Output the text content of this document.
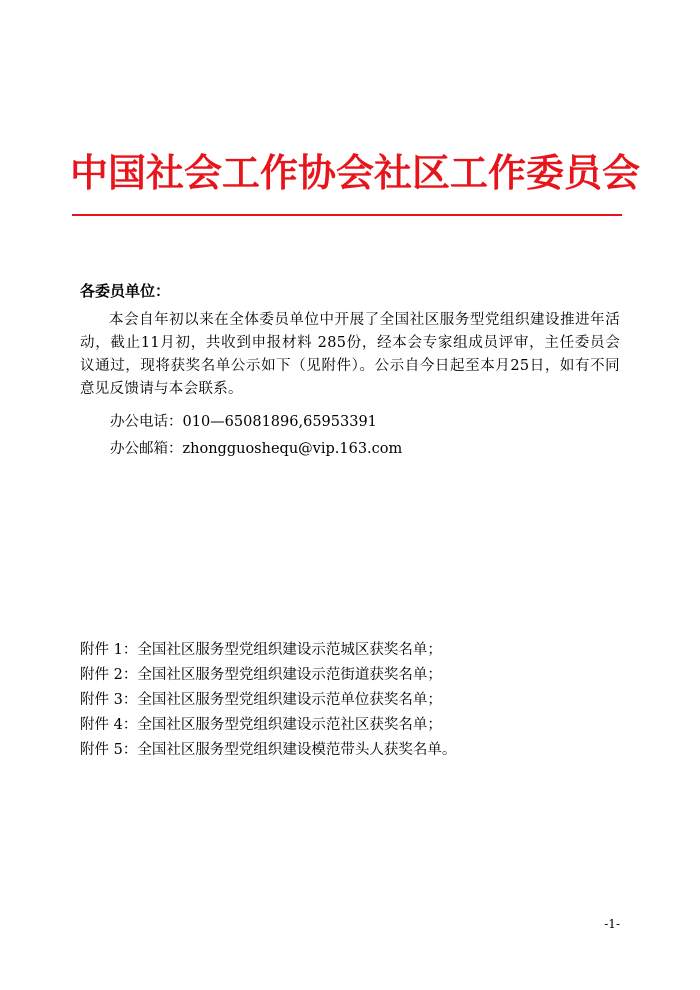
中国社会工作协会社区工作委员会
各委员单位：

本会自年初以来在全体委员单位中开展了全国社区服务型党组织建设推进年活动，截止11月初，共收到申报材料 285份，经本会专家组成员评审，主任委员会议通过，现将获奖名单公示如下（见附件）。公示自今日起至本月25日，如有不同意见反馈请与本会联系。

办公电话：010—65081896,65953391
办公邮箱：zhongguoshequ@vip.163.com
附件 1：全国社区服务型党组织建设示范城区获奖名单；
附件 2：全国社区服务型党组织建设示范街道获奖名单；
附件 3：全国社区服务型党组织建设示范单位获奖名单；
附件 4：全国社区服务型党组织建设示范社区获奖名单；
附件 5：全国社区服务型党组织建设模范带头人获奖名单。
-1-
